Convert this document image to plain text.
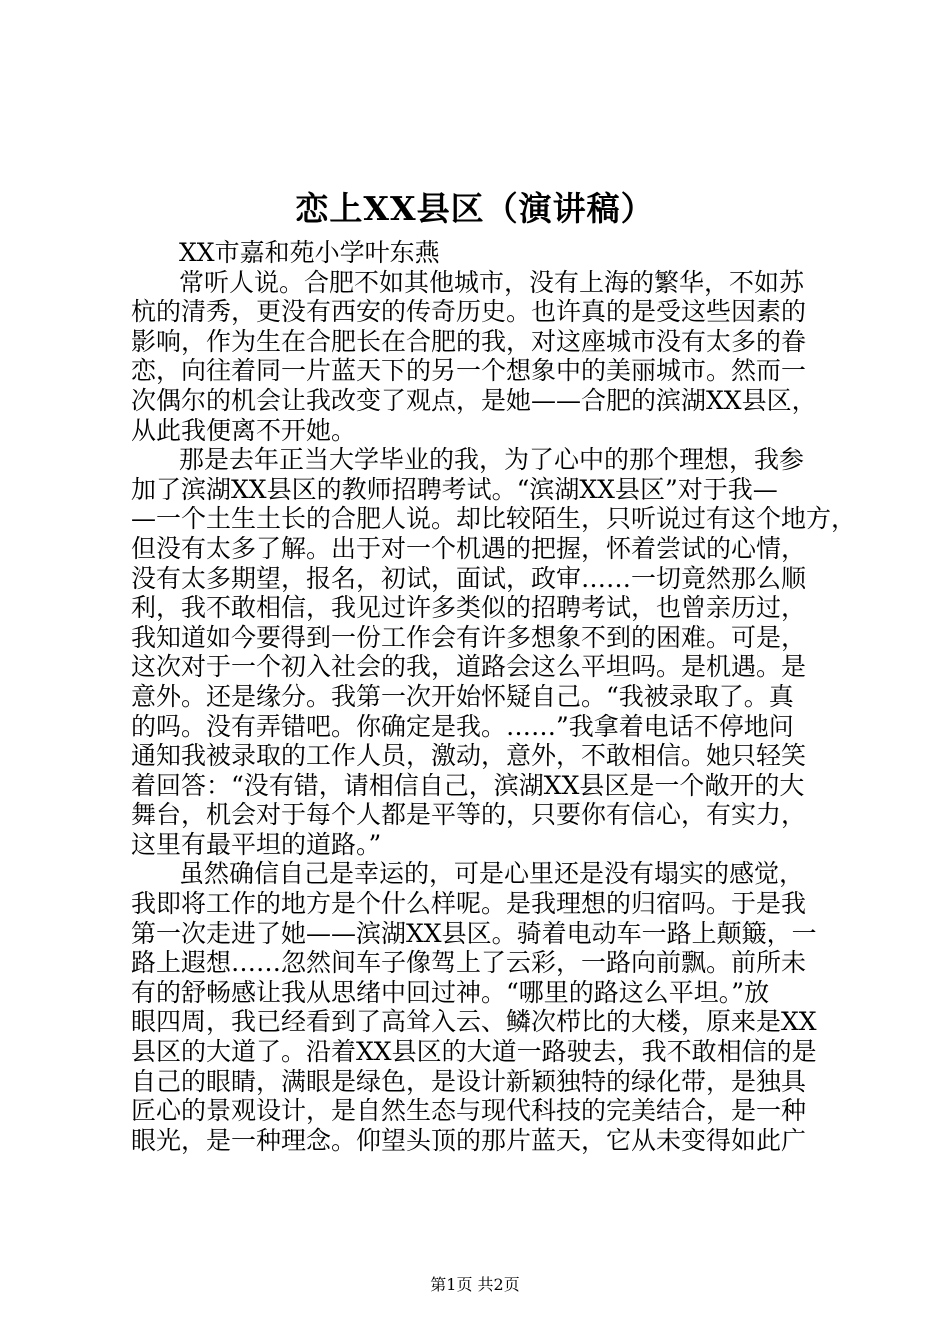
恋上XX县区（演讲稿）
XX市嘉和苑小学叶东燕
常听人说。合肥不如其他城市，没有上海的繁华，不如苏
杭的清秀，更没有西安的传奇历史。也许真的是受这些因素的
影响，作为生在合肥长在合肥的我，对这座城市没有太多的眷
恋，向往着同一片蓝天下的另一个想象中的美丽城市。然而一
次偶尔的机会让我改变了观点，是她——合肥的滨湖XX县区，
从此我便离不开她。
那是去年正当大学毕业的我，为了心中的那个理想，我参
加了滨湖XX县区的教师招聘考试。“滨湖XX县区”对于我—
—一个土生土长的合肥人说。却比较陌生，只听说过有这个地方，
但没有太多了解。出于对一个机遇的把握，怀着尝试的心情，
没有太多期望，报名，初试，面试，政审……一切竟然那么顺
利，我不敢相信，我见过许多类似的招聘考试，也曾亲历过，
我知道如今要得到一份工作会有许多想象不到的困难。可是，
这次对于一个初入社会的我，道路会这么平坦吗。是机遇。是
意外。还是缘分。我第一次开始怀疑自己。“我被录取了。真
的吗。没有弄错吧。你确定是我。……”我拿着电话不停地问
通知我被录取的工作人员，激动，意外，不敢相信。她只轻笑
着回答：“没有错，请相信自己，滨湖XX县区是一个敞开的大
舞台，机会对于每个人都是平等的，只要你有信心，有实力，
这里有最平坦的道路。”
虽然确信自己是幸运的，可是心里还是没有塌实的感觉，
我即将工作的地方是个什么样呢。是我理想的归宿吗。于是我
第一次走进了她——滨湖XX县区。骑着电动车一路上颠簸，一
路上遐想……忽然间车子像驾上了云彩，一路向前飘。前所未
有的舒畅感让我从思绪中回过神。“哪里的路这么平坦。”放
眼四周，我已经看到了高耸入云、鳞次栉比的大楼，原来是XX
县区的大道了。沿着XX县区的大道一路驶去，我不敢相信的是
自己的眼睛，满眼是绿色，是设计新颖独特的绿化带，是独具
匠心的景观设计，是自然生态与现代科技的完美结合，是一种
眼光，是一种理念。仰望头顶的那片蓝天，它从未变得如此广
第1页 共2页
